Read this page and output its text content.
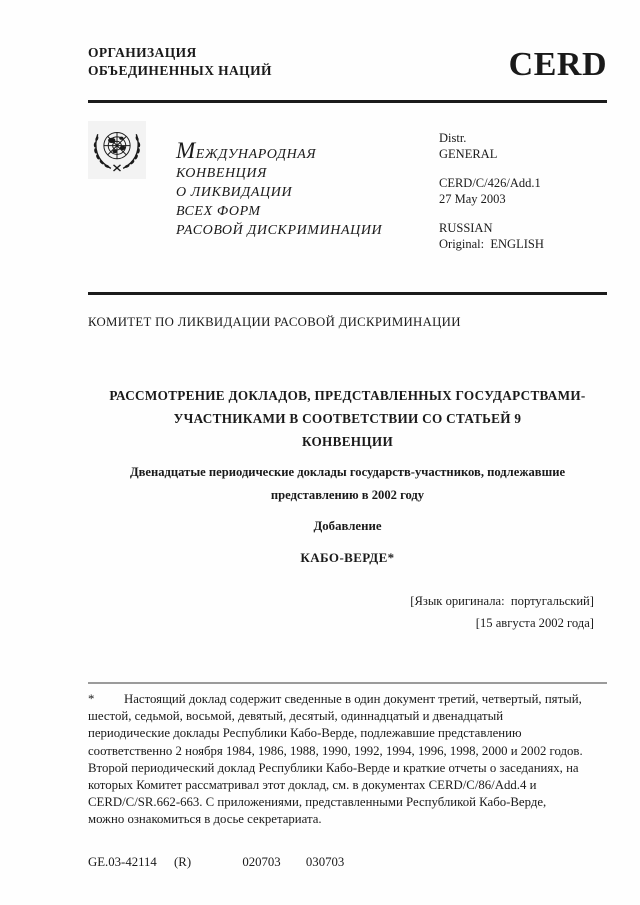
ОРГАНИЗАЦИЯ
ОБЪЕДИНЕННЫХ НАЦИЙ	CERD
МЕЖДУНАРОДНАЯ
КОНВЕНЦИЯ
О ЛИКВИДАЦИИ
ВСЕХ ФОРМ
РАСОВОЙ ДИСКРИМИНАЦИИ
Distr.
GENERAL
CERD/C/426/Add.1
27 May 2003
RUSSIAN
Original:  ENGLISH
КОМИТЕТ ПО ЛИКВИДАЦИИ РАСОВОЙ ДИСКРИМИНАЦИИ
РАССМОТРЕНИЕ ДОКЛАДОВ, ПРЕДСТАВЛЕННЫХ ГОСУДАРСТВАМИ-
УЧАСТНИКАМИ В СООТВЕТСТВИИ СО СТАТЬЕЙ 9
КОНВЕНЦИИ
Двенадцатые периодические доклады государств-участников, подлежавшие
представлению в 2002 году
Добавление
КАБО-ВЕРДЕ*
[Язык оригинала:  португальский]
[15 августа 2002 года]
*	Настоящий доклад содержит сведенные в один документ третий, четвертый, пятый,
шестой, седьмой, восьмой, девятый, десятый, одиннадцатый и двенадцатый
периодические доклады Республики Кабо-Верде, подлежавшие представлению
соответственно 2 ноября 1984, 1986, 1988, 1990, 1992, 1994, 1996, 1998, 2000 и 2002 годов.
Второй периодический доклад Республики Кабо-Верде и краткие отчеты о заседаниях, на
которых Комитет рассматривал этот доклад, см. в документах CERD/C/86/Add.4 и
CERD/C/SR.662-663. С приложениями, представленными Республикой Кабо-Верде,
можно ознакомиться в досье секретариата.
GE.03-42114 (R)	020703 030703
